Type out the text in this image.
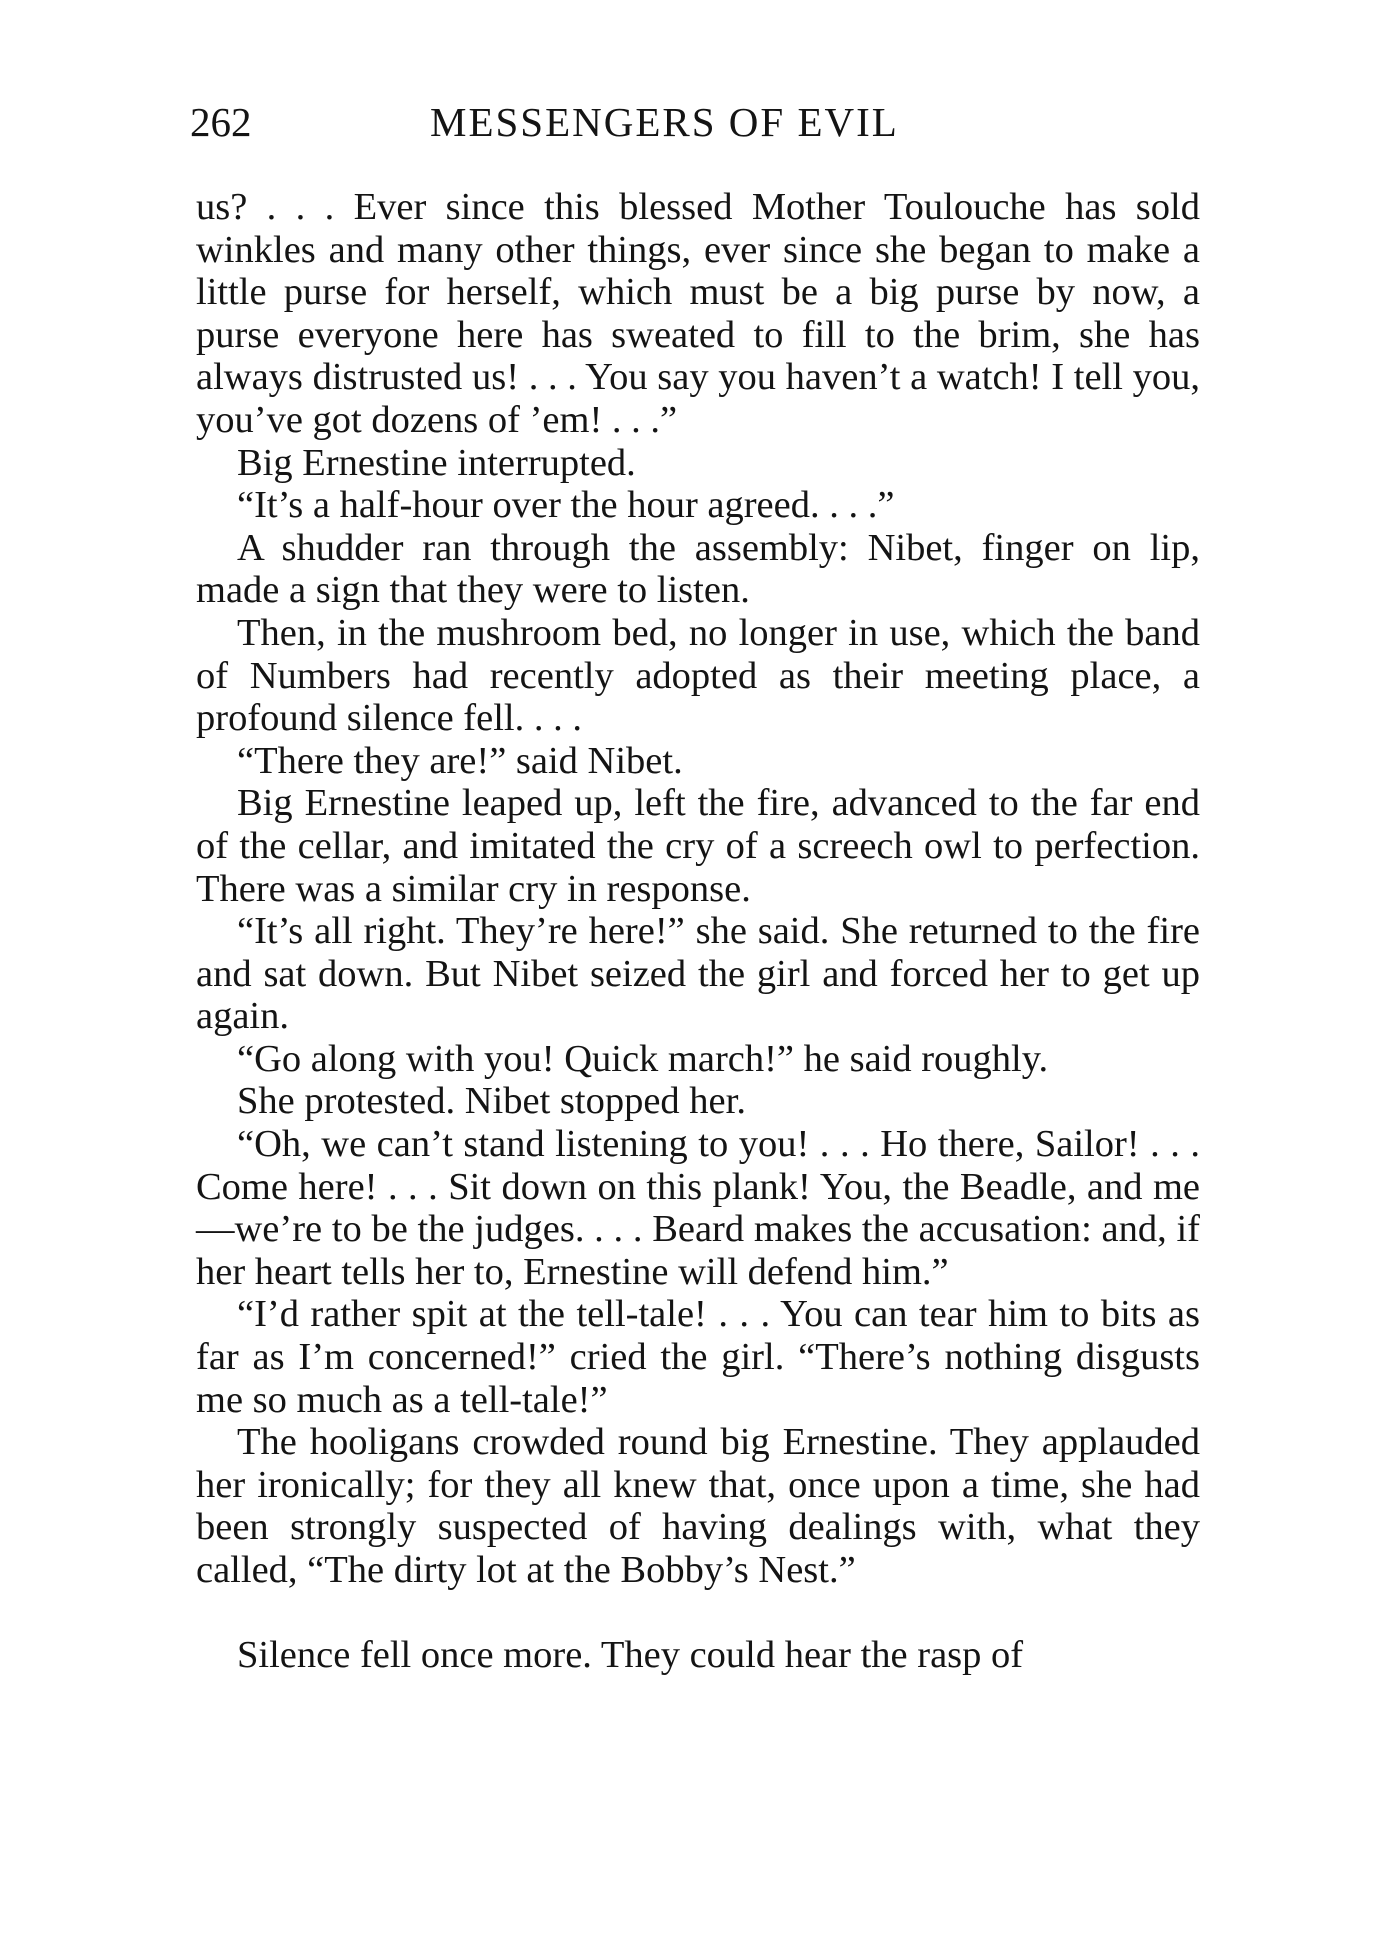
262	MESSENGERS OF EVIL

us? . . . Ever since this blessed Mother Toulouche has sold winkles and many other things, ever since she began to make a little purse for herself, which must be a big purse by now, a purse everyone here has sweated to fill to the brim, she has always distrusted us! . . . You say you haven’t a watch! I tell you, you’ve got dozens of ’em! . . .”

Big Ernestine interrupted.

“It’s a half-hour over the hour agreed. . . .”

A shudder ran through the assembly: Nibet, finger on lip, made a sign that they were to listen.

Then, in the mushroom bed, no longer in use, which the band of Numbers had recently adopted as their meeting place, a profound silence fell. . . .

“There they are!” said Nibet.

Big Ernestine leaped up, left the fire, advanced to the far end of the cellar, and imitated the cry of a screech owl to perfection. There was a similar cry in response.

“It’s all right. They’re here!” she said. She returned to the fire and sat down. But Nibet seized the girl and forced her to get up again.

“Go along with you! Quick march!” he said roughly.

She protested. Nibet stopped her.

“Oh, we can’t stand listening to you! . . . Ho there, Sailor! . . . Come here! . . . Sit down on this plank! You, the Beadle, and me—we’re to be the judges. . . . Beard makes the accusation: and, if her heart tells her to, Ernestine will defend him.”

“I’d rather spit at the tell-tale! . . . You can tear him to bits as far as I’m concerned!” cried the girl. “There’s nothing disgusts me so much as a tell-tale!”

The hooligans crowded round big Ernestine. They applauded her ironically; for they all knew that, once upon a time, she had been strongly suspected of having dealings with, what they called, “The dirty lot at the Bobby’s Nest.”

Silence fell once more. They could hear the rasp of
